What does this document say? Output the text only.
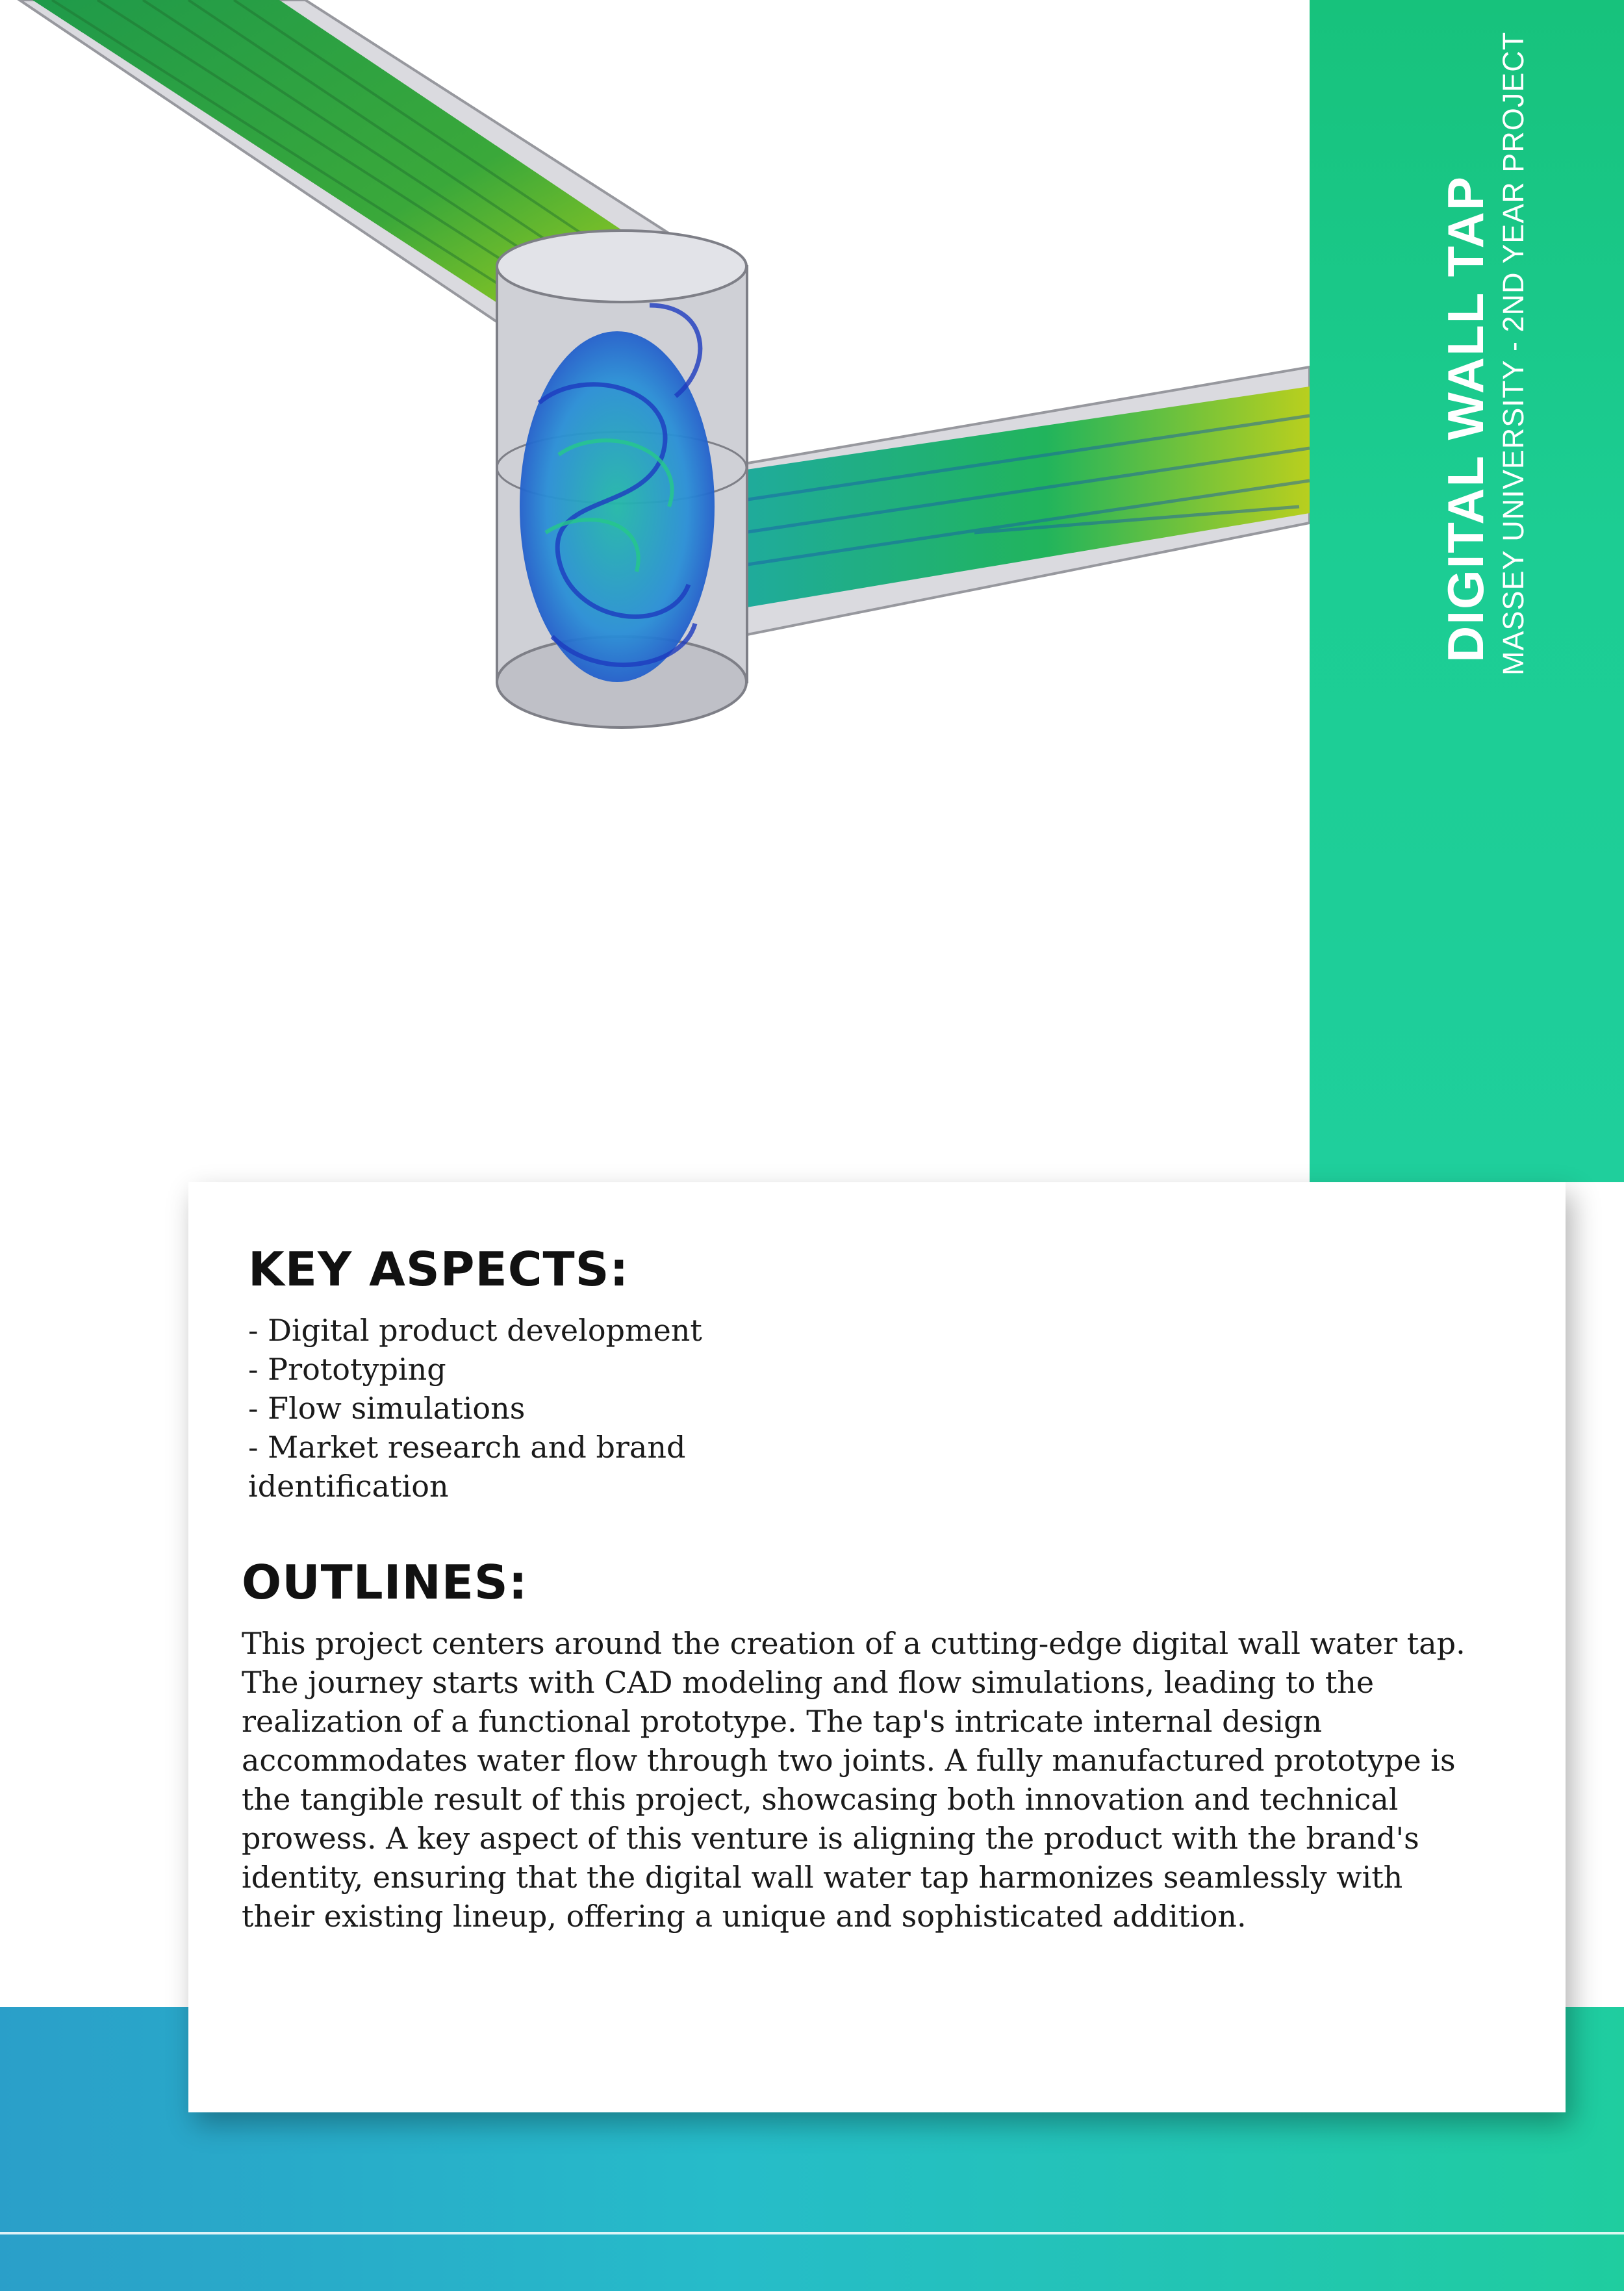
DIGITAL WALL TAP MASSEY UNIVERSITY - 2ND YEAR PROJECT
KEY ASPECTS:
- Digital product development
- Prototyping
- Flow simulations
- Market research and brand identification
OUTLINES:

This project centers around the creation of a cutting-edge digital wall water tap. The journey starts with CAD modeling and flow simulations, leading to the realization of a functional prototype. The tap's intricate internal design accommodates water flow through two joints. A fully manufactured prototype is the tangible result of this project, showcasing both innovation and technical prowess. A key aspect of this venture is aligning the product with the brand's identity, ensuring that the digital wall water tap harmonizes seamlessly with their existing lineup, offering a unique and sophisticated addition.
